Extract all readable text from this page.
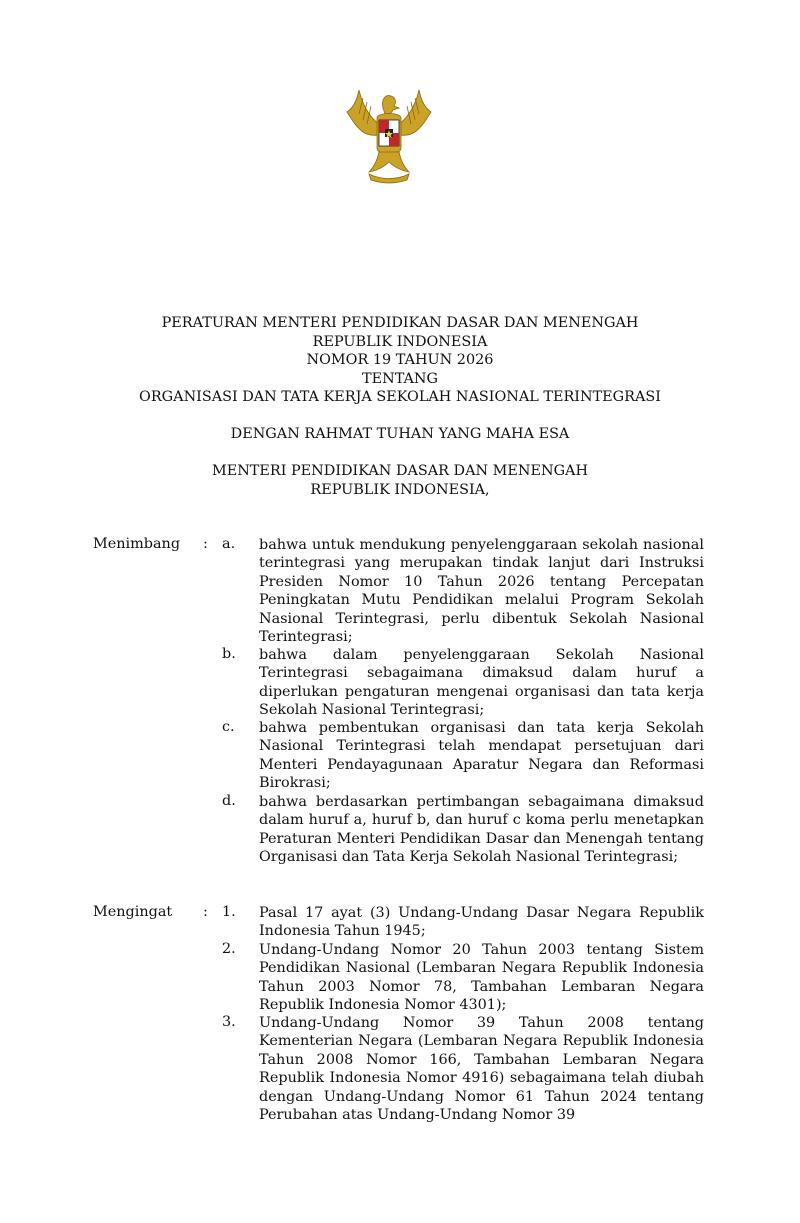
PERATURAN MENTERI PENDIDIKAN DASAR DAN MENENGAH
REPUBLIK INDONESIA
NOMOR 19 TAHUN 2026
TENTANG
ORGANISASI DAN TATA KERJA SEKOLAH NASIONAL TERINTEGRASI
DENGAN RAHMAT TUHAN YANG MAHA ESA
MENTERI PENDIDIKAN DASAR DAN MENENGAH
REPUBLIK INDONESIA,
Menimbang : a.	bahwa untuk mendukung penyelenggaraan sekolah nasional terintegrasi yang merupakan tindak lanjut dari Instruksi Presiden Nomor 10 Tahun 2026 tentang Percepatan Peningkatan Mutu Pendidikan melalui Program Sekolah Nasional Terintegrasi, perlu dibentuk Sekolah Nasional Terintegrasi;
b.	bahwa dalam penyelenggaraan Sekolah Nasional Terintegrasi sebagaimana dimaksud dalam huruf a diperlukan pengaturan mengenai organisasi dan tata kerja Sekolah Nasional Terintegrasi;
c.	bahwa pembentukan organisasi dan tata kerja Sekolah Nasional Terintegrasi telah mendapat persetujuan dari Menteri Pendayagunaan Aparatur Negara dan Reformasi Birokrasi;
d.	bahwa berdasarkan pertimbangan sebagaimana dimaksud dalam huruf a, huruf b, dan huruf c koma perlu menetapkan Peraturan Menteri Pendidikan Dasar dan Menengah tentang Organisasi dan Tata Kerja Sekolah Nasional Terintegrasi;
Mengingat : 1.	Pasal 17 ayat (3) Undang-Undang Dasar Negara Republik Indonesia Tahun 1945;
2.	Undang-Undang Nomor 20 Tahun 2003 tentang Sistem Pendidikan Nasional (Lembaran Negara Republik Indonesia Tahun 2003 Nomor 78, Tambahan Lembaran Negara Republik Indonesia Nomor 4301);
3.	Undang-Undang Nomor 39 Tahun 2008 tentang Kementerian Negara (Lembaran Negara Republik Indonesia Tahun 2008 Nomor 166, Tambahan Lembaran Negara Republik Indonesia Nomor 4916) sebagaimana telah diubah dengan Undang-Undang Nomor 61 Tahun 2024 tentang Perubahan atas Undang-Undang Nomor 39
